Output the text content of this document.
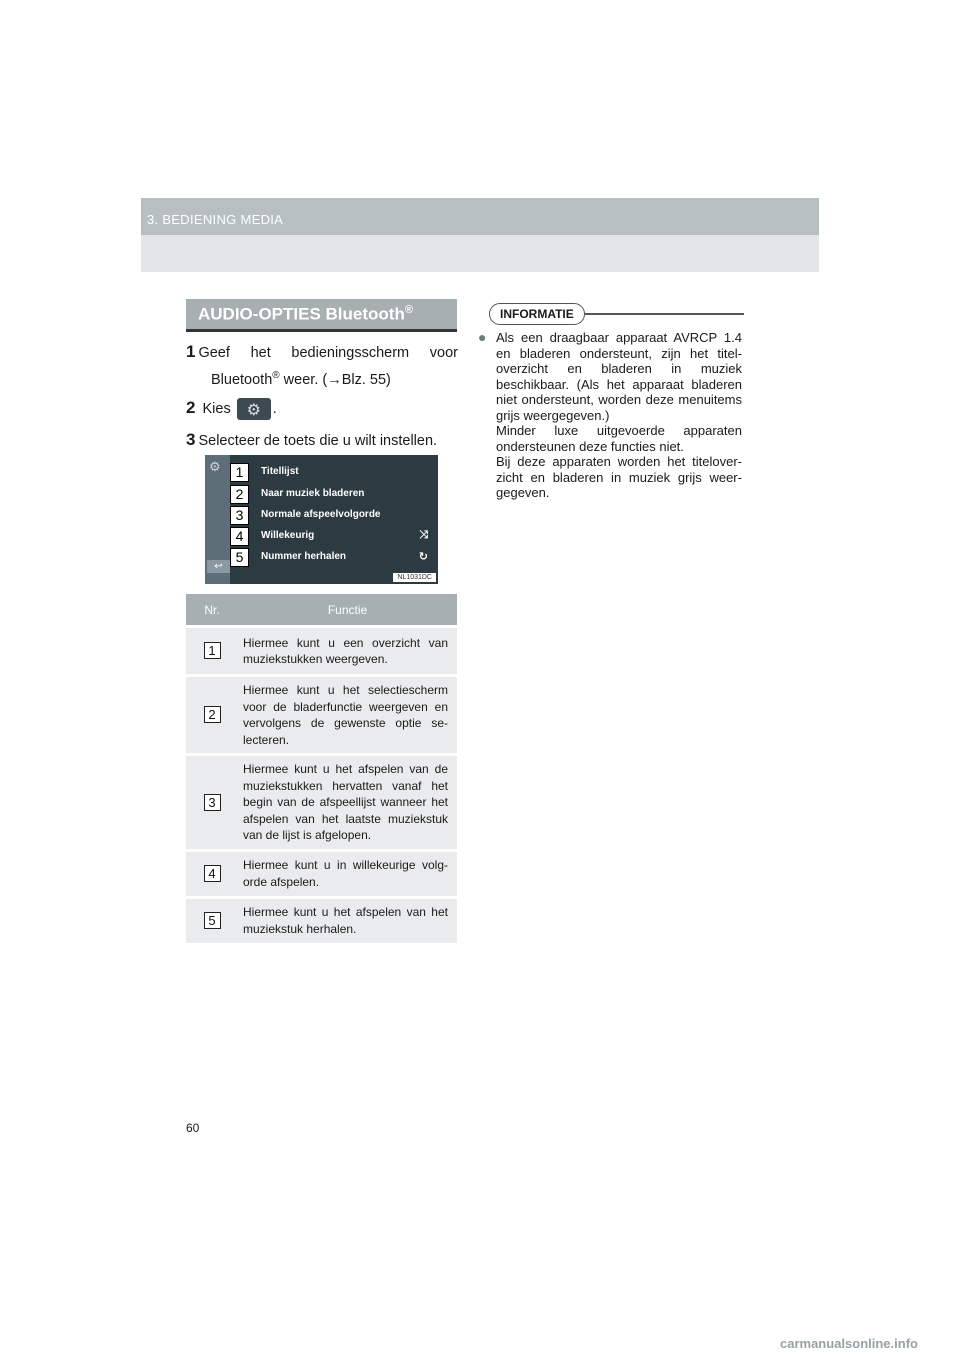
3. BEDIENING MEDIA
AUDIO-OPTIES Bluetooth®
1 Geef het bedieningsscherm voor
Bluetooth® weer. (→Blz. 55)
2 Kies ⚙ .
3 Selecteer de toets die u wilt instellen.
⚙	1	Titellijst
2	Naar muziek bladeren
3	Normale afspeelvolgorde
4	Willekeurig	⤨
5	Nummer herhalen	↻
↩
NL1031DC
Nr.	Functie
1	Hiermee kunt u een overzicht van muziekstukken weergeven.
2	Hiermee kunt u het selectiescherm voor de bladerfunctie weergeven en vervolgens de gewenste optie selecteren.
3	Hiermee kunt u het afspelen van de muziekstukken hervatten vanaf het begin van de afspeellijst wanneer het afspelen van het laatste muziekstuk van de lijst is afgelopen.
4	Hiermee kunt u in willekeurige volgorde afspelen.
5	Hiermee kunt u het afspelen van het muziekstuk herhalen.
INFORMATIE
● Als een draagbaar apparaat AVRCP 1.4 en bladeren ondersteunt, zijn het titeloverzicht en bladeren in muziek beschikbaar. (Als het apparaat bladeren niet ondersteunt, worden deze menuitems grijs weergegeven.)

Minder luxe uitgevoerde apparaten ondersteunen deze functies niet.

Bij deze apparaten worden het titeloverzicht en bladeren in muziek grijs weergegeven.

60
carmanualsonline.info
